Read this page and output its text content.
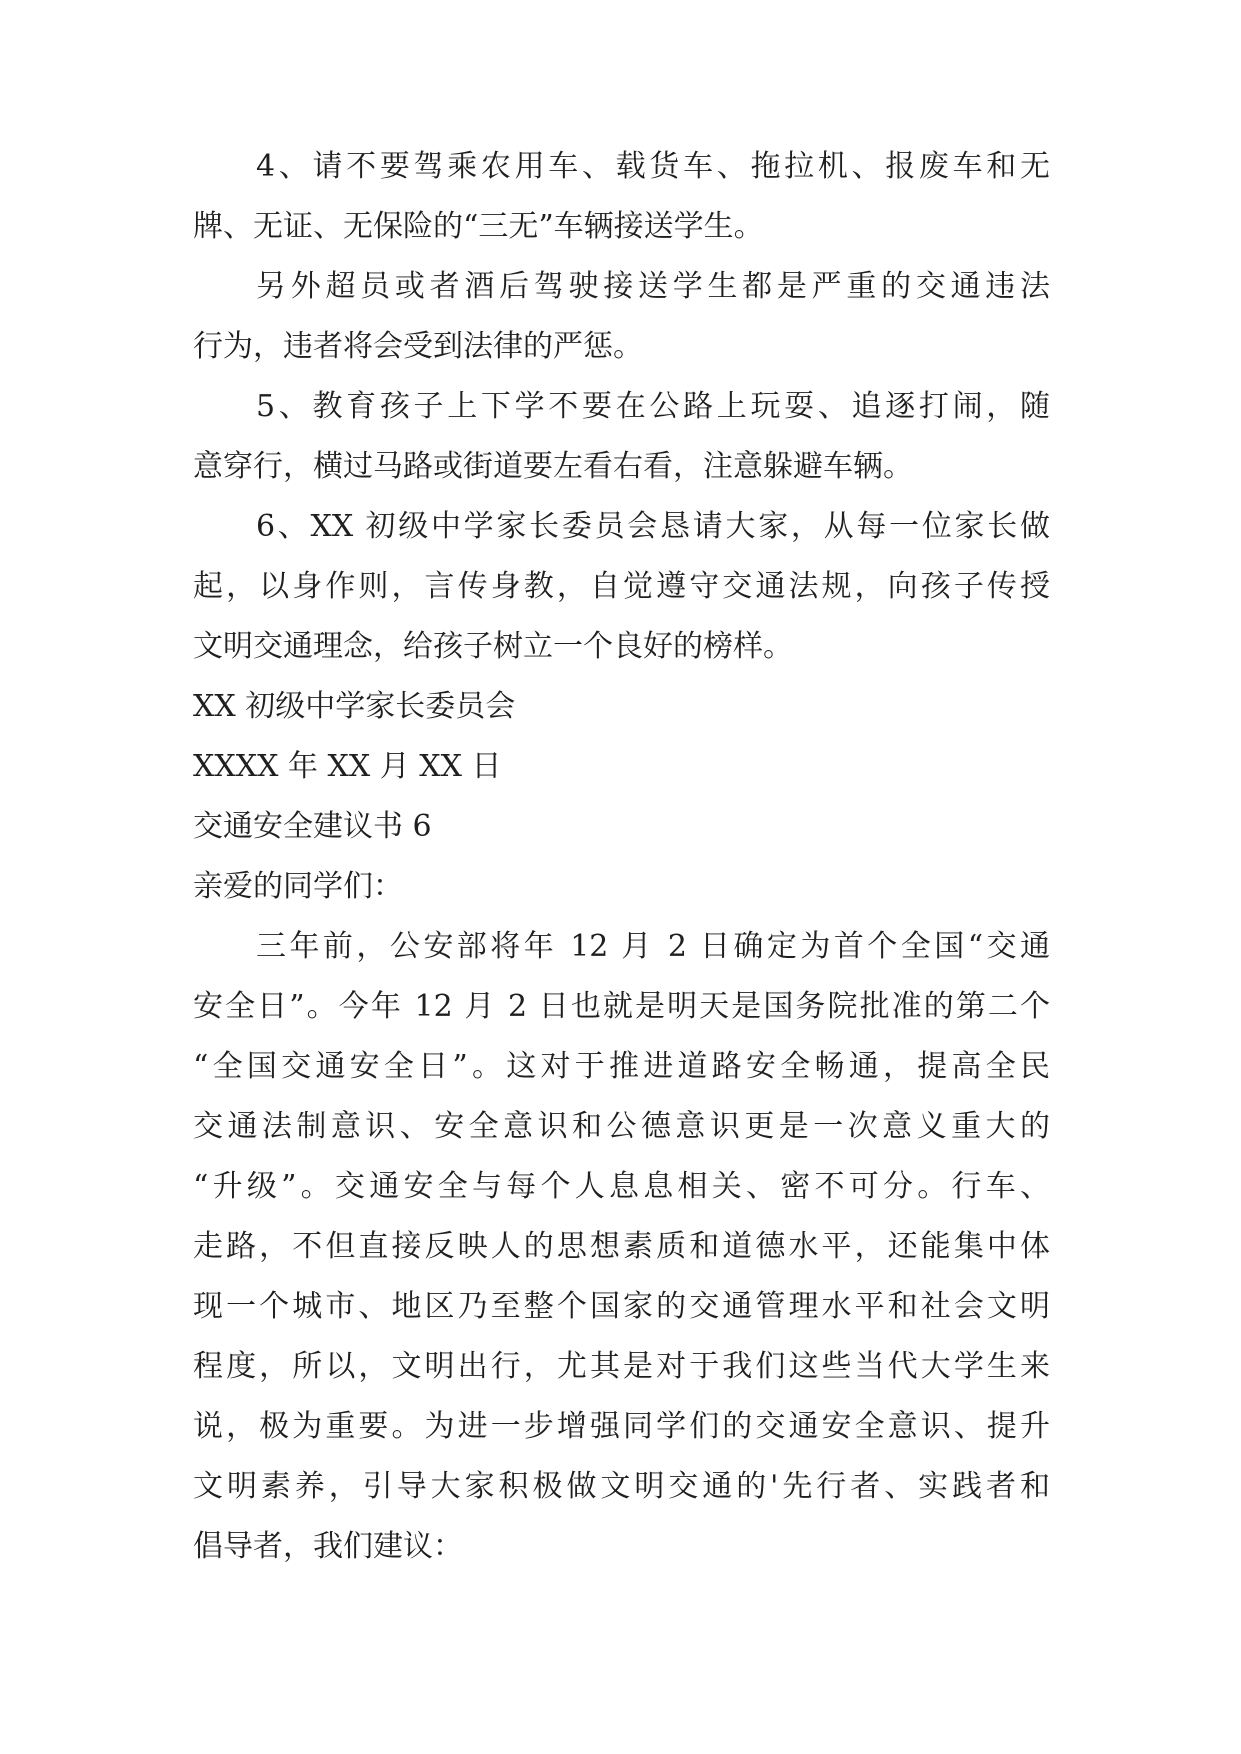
4、请不要驾乘农用车、载货车、拖拉机、报废车和无

牌、无证、无保险的“三无”车辆接送学生。

另外超员或者酒后驾驶接送学生都是严重的交通违法

行为，违者将会受到法律的严惩。

5、教育孩子上下学不要在公路上玩耍、追逐打闹，随

意穿行，横过马路或街道要左看右看，注意躲避车辆。

6、XX 初级中学家长委员会恳请大家，从每一位家长做

起，以身作则，言传身教，自觉遵守交通法规，向孩子传授

文明交通理念，给孩子树立一个良好的榜样。

XX 初级中学家长委员会

XXXX 年 XX 月 XX 日

交通安全建议书 6

亲爱的同学们：

三年前，公安部将年 12 月 2 日确定为首个全国“交通

安全日”。今年 12 月 2 日也就是明天是国务院批准的第二个

“全国交通安全日”。这对于推进道路安全畅通，提高全民

交通法制意识、安全意识和公德意识更是一次意义重大的

“升级”。交通安全与每个人息息相关、密不可分。行车、

走路，不但直接反映人的思想素质和道德水平，还能集中体

现一个城市、地区乃至整个国家的交通管理水平和社会文明

程度，所以，文明出行，尤其是对于我们这些当代大学生来

说，极为重要。为进一步增强同学们的交通安全意识、提升

文明素养，引导大家积极做文明交通的'先行者、实践者和

倡导者，我们建议：
